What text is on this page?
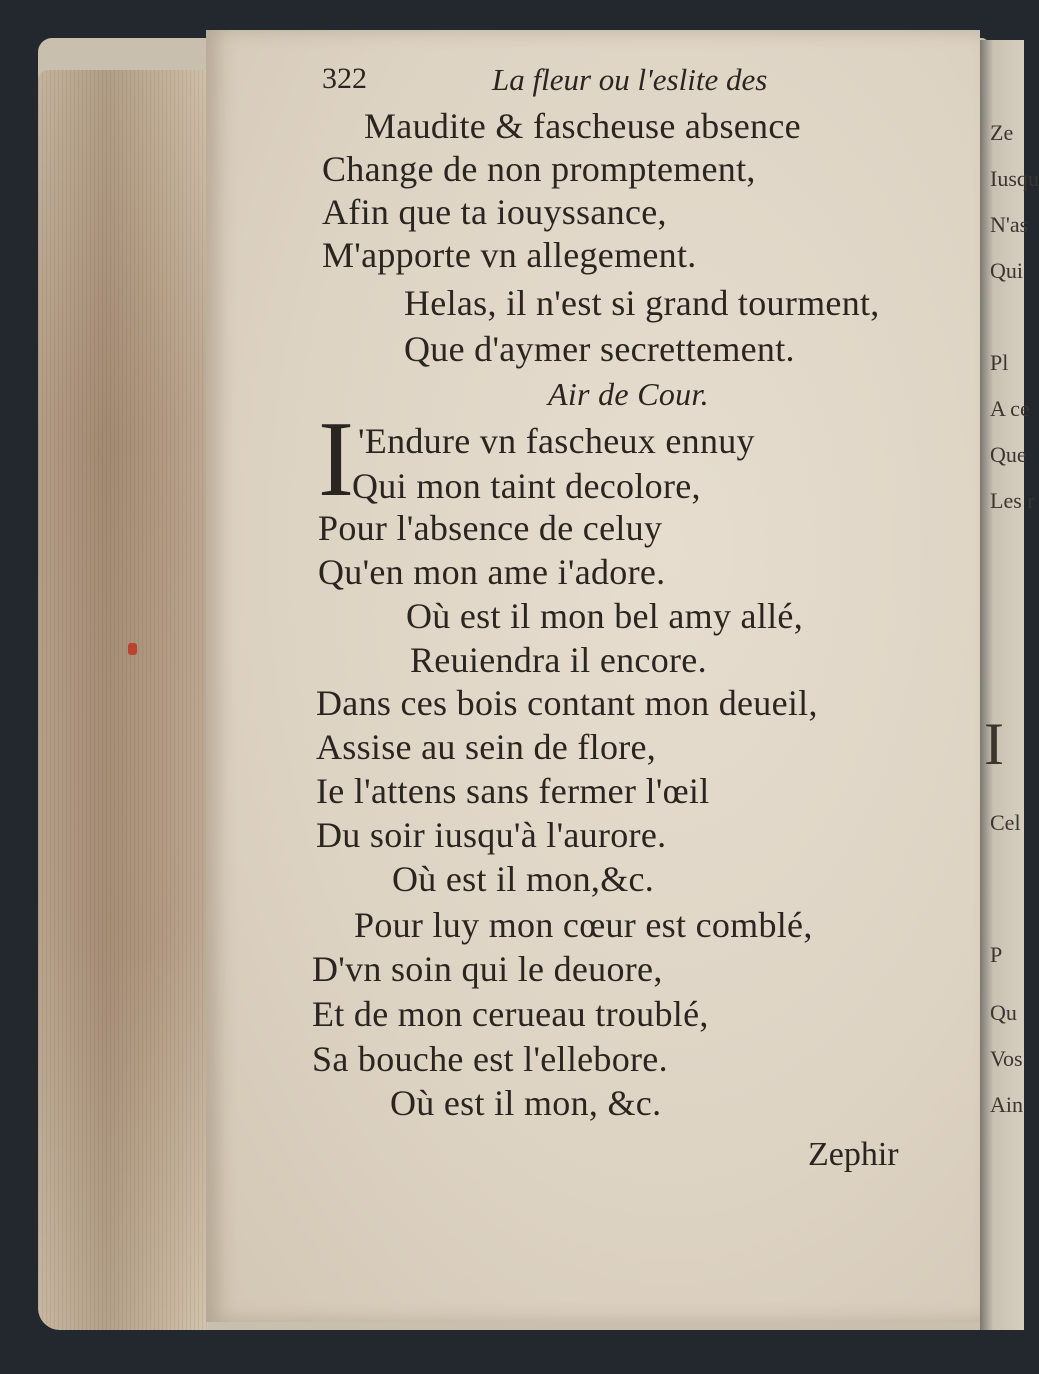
Ze
Iusqu
N'as
Qui
Pl
A ce
Que
Les r
I
Cel
P
Qu
Vos
Ain
322	La fleur ou l'eslite des
Maudite & fascheuse absence
Change de non promptement,
Afin que ta iouyssance,
M'apporte vn allegement.
Helas, il n'est si grand tourment,
Que d'aymer secrettement.
Air de Cour.
I 'Endure vn fascheux ennuy
Qui mon taint decolore,
Pour l'absence de celuy
Qu'en mon ame i'adore.
Où est il mon bel amy allé,
Reuiendra il encore.
Dans ces bois contant mon deueil,
Assise au sein de flore,
Ie l'attens sans fermer l'œil
Du soir iusqu'à l'aurore.
Où est il mon,&c.
Pour luy mon cœur est comblé,
D'vn soin qui le deuore,
Et de mon cerueau troublé,
Sa bouche est l'ellebore.
Où est il mon, &c.
Zephir
